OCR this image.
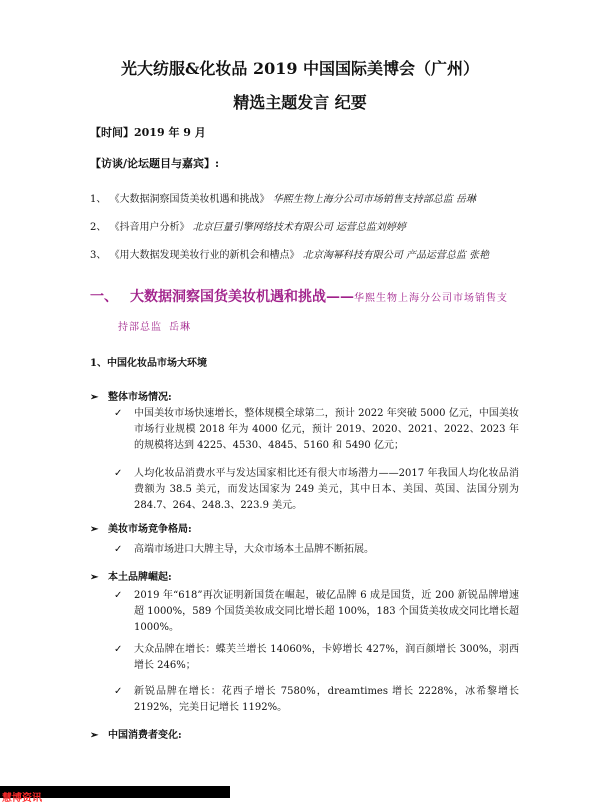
光大纺服&化妆品 2019 中国国际美博会（广州）
精选主题发言 纪要
【时间】2019 年 9 月
【访谈/论坛题目与嘉宾】:
1、 《大数据洞察国货美妆机遇和挑战》 华熙生物上海分公司市场销售支持部总监 岳琳
2、 《抖音用户分析》 北京巨量引擎网络技术有限公司 运营总监刘婷婷
3、 《用大数据发现美妆行业的新机会和槽点》 北京淘幂科技有限公司 产品运营总监 张艳
一、 大数据洞察国货美妆机遇和挑战——华熙生物上海分公司市场销售支
持部总监 岳琳
1、中国化妆品市场大环境
➢ 整体市场情况:
✓ 中国美妆市场快速增长，整体规模全球第二，预计 2022 年突破 5000 亿元，中国美妆市场行业规模 2018 年为 4000 亿元，预计 2019、2020、2021、2022、2023 年的规模将达到 4225、4530、4845、5160 和 5490 亿元；
✓ 人均化妆品消费水平与发达国家相比还有很大市场潜力——2017 年我国人均化妆品消费额为 38.5 美元，而发达国家为 249 美元，其中日本、美国、英国、法国分别为 284.7、264、248.3、223.9 美元。
➢ 美妆市场竞争格局:
✓ 高端市场进口大牌主导，大众市场本土品牌不断拓展。
➢ 本土品牌崛起:
✓ 2019 年“618”再次证明新国货在崛起，破亿品牌 6 成是国货，近 200 新锐品牌增速超 1000%，589 个国货美妆成交同比增长超 100%，183 个国货美妆成交同比增长超 1000%。
✓ 大众品牌在增长：蝶芙兰增长 14060%，卡婷增长 427%，润百颜增长 300%，羽西增长 246%；
✓ 新锐品牌在增长：花西子增长 7580%，dreamtimes 增长 2228%，冰希黎增长 2192%，完美日记增长 1192%。
➢ 中国消费者变化:
慧博资讯
